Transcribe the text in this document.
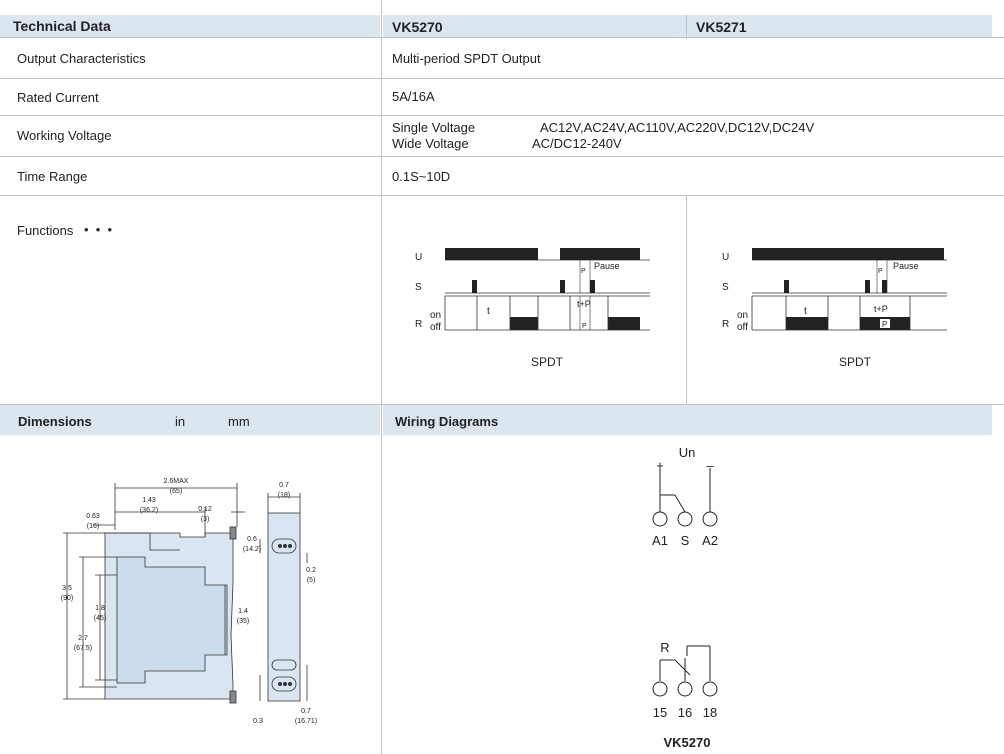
Technical Data	VK5270	VK5271
Output Characteristics	Multi-period SPDT Output
Rated Current	5A/16A
Working Voltage
Single Voltage	AC12V,AC24V,AC110V,AC220V,DC12V,DC24V
Wide Voltage	AC/DC12-240V
Time Range	0.1S~10D
Functions •  •  •
U
S
R
on
off
P
Pause
t
t+P
P
SPDT
U
S
R
on
off
P
Pause
P
t	t+P
SPDT
Dimensions	in	mm	Wiring Diagrams
2.6MAX
(65)
1.43
(36.2)	0.12
(3)
0.63
(16)
3.5
(90)
1.8
(45)
2.7
(67.5)
1.4
(35)
0.6
(14.2)
0.7
(18)
0.2
(5)
0.7
(16.71)
0.3
+
Un
–
A1 S A2
R
15 16 18
VK5270
